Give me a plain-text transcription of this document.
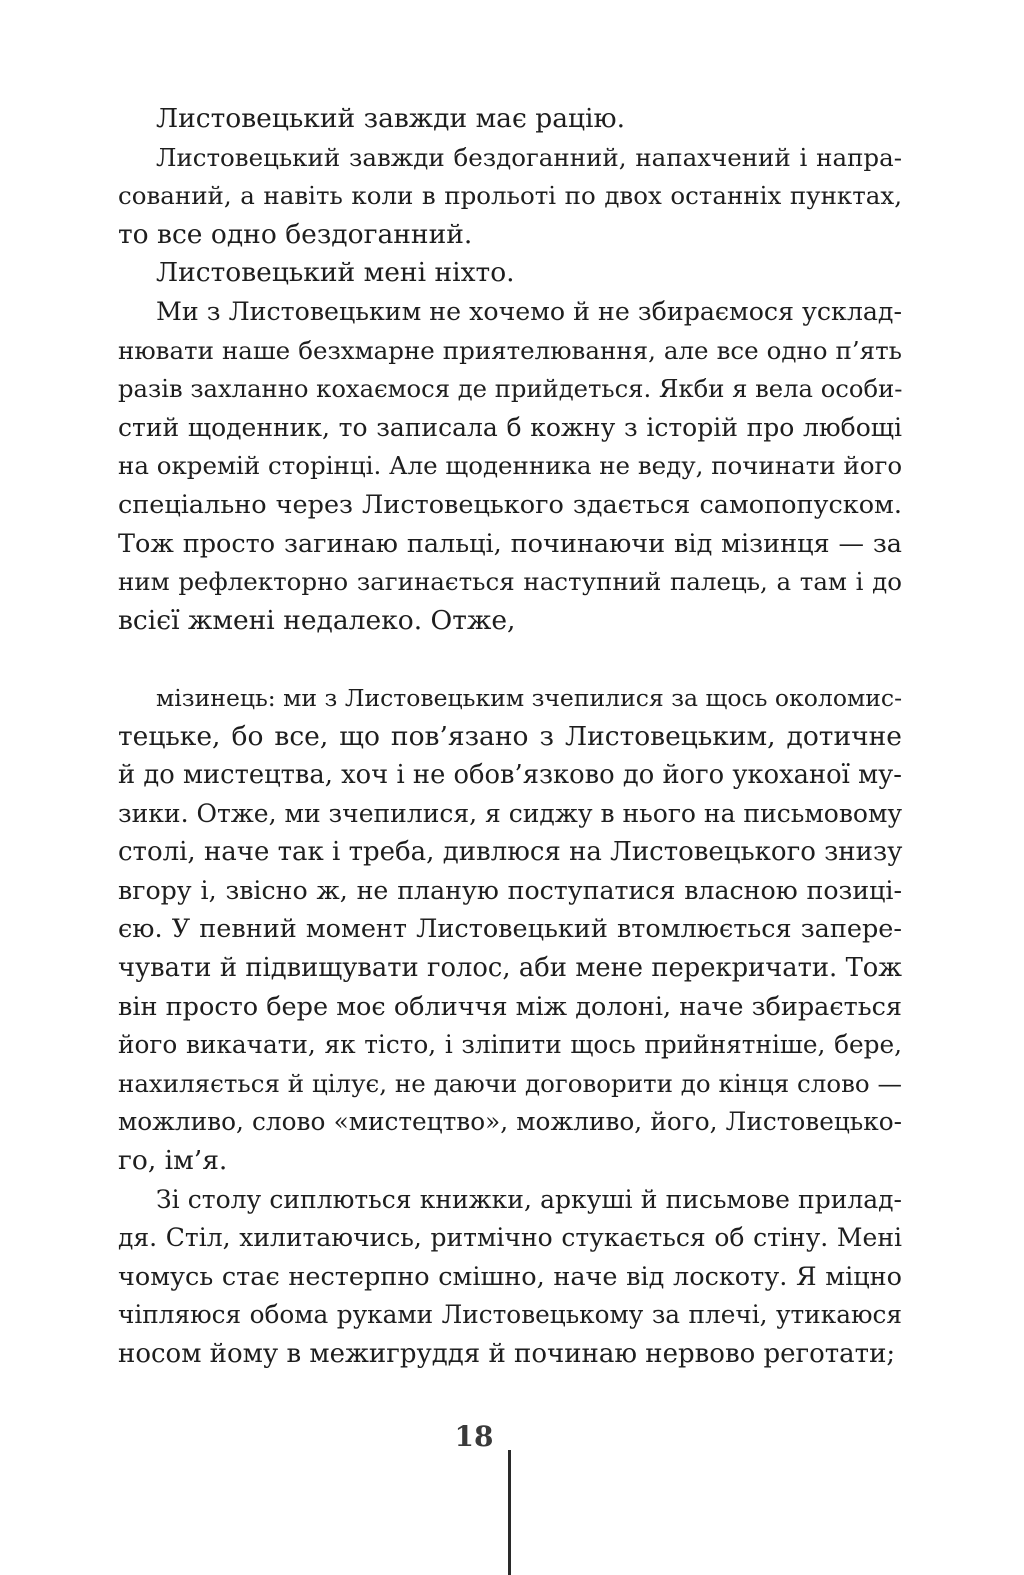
Листовецький завжди має рацію.
Листовецький завжди бездоганний, напахчений і напра-
сований, а навіть коли в прольоті по двох останніх пунктах,
то все одно бездоганний.
Листовецький мені ніхто.
Ми з Листовецьким не хочемо й не збираємося усклад-
нювати наше безхмарне приятелювання, але все одно п’ять
разів захланно кохаємося де прийдеться. Якби я вела особи-
стий щоденник, то записала б кожну з історій про любощі
на окремій сторінці. Але щоденника не веду, починати його
спеціально через Листовецького здається самопопуском.
Тож просто загинаю пальці, починаючи від мізинця — за
ним рефлекторно загинається наступний палець, а там і до
всієї жмені недалеко. Отже,
мізинець: ми з Листовецьким зчепилися за щось околомис-
тецьке, бо все, що пов’язано з Листовецьким, дотичне
й до мистецтва, хоч і не обов’язково до його укоханої му-
зики. Отже, ми зчепилися, я сиджу в нього на письмовому
столі, наче так і треба, дивлюся на Листовецького знизу
вгору і, звісно ж, не планую поступатися власною позиці-
єю. У певний момент Листовецький втомлюється запере-
чувати й підвищувати голос, аби мене перекричати. Тож
він просто бере моє обличчя між долоні, наче збирається
його викачати, як тісто, і зліпити щось прийнятніше, бере,
нахиляється й цілує, не даючи договорити до кінця слово —
можливо, слово «мистецтво», можливо, його, Листовецько-
го, ім’я.
Зі столу сиплються книжки, аркуші й письмове прилад-
дя. Стіл, хилитаючись, ритмічно стукається об стіну. Мені
чомусь стає нестерпно смішно, наче від лоскоту. Я міцно
чіпляюся обома руками Листовецькому за плечі, утикаюся
носом йому в межигруддя й починаю нервово реготати;
18
